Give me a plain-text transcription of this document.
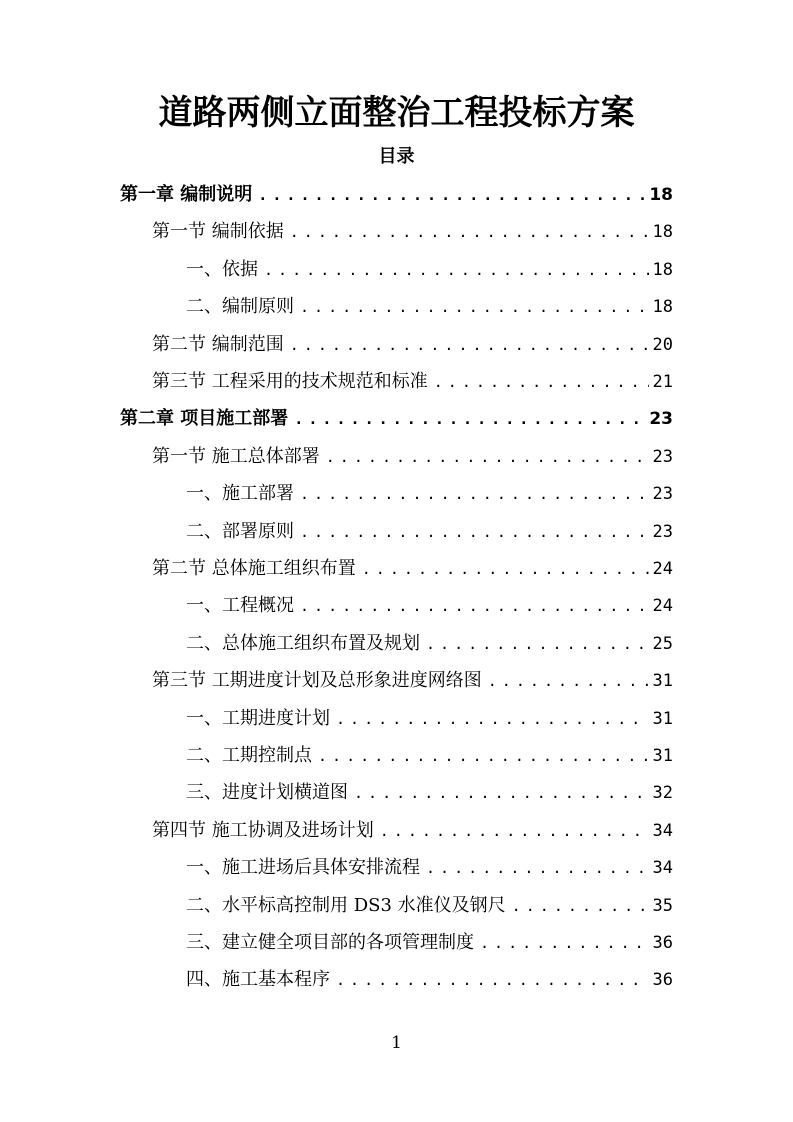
道路两侧立面整治工程投标方案
目录
第一章 编制说明 . . .	18
第一节 编制依据 . . .	18
一、依据 . . .	18
二、编制原则 . . .	18
第二节 编制范围 . . .	20
第三节 工程采用的技术规范和标准 . . .	21
第二章 项目施工部署 . . .	23
第一节 施工总体部署 . . .	23
一、施工部署 . . .	23
二、部署原则 . . .	23
第二节 总体施工组织布置 . . .	24
一、工程概况 . . .	24
二、总体施工组织布置及规划 . . .	25
第三节 工期进度计划及总形象进度网络图 . . .	31
一、工期进度计划 . . .	31
二、工期控制点 . . .	31
三、进度计划横道图 . . .	32
第四节 施工协调及进场计划 . . .	34
一、施工进场后具体安排流程 . . .	34
二、水平标高控制用 DS3 水准仪及钢尺 . . .	35
三、建立健全项目部的各项管理制度 . . .	36
四、施工基本程序 . . .	36
1
